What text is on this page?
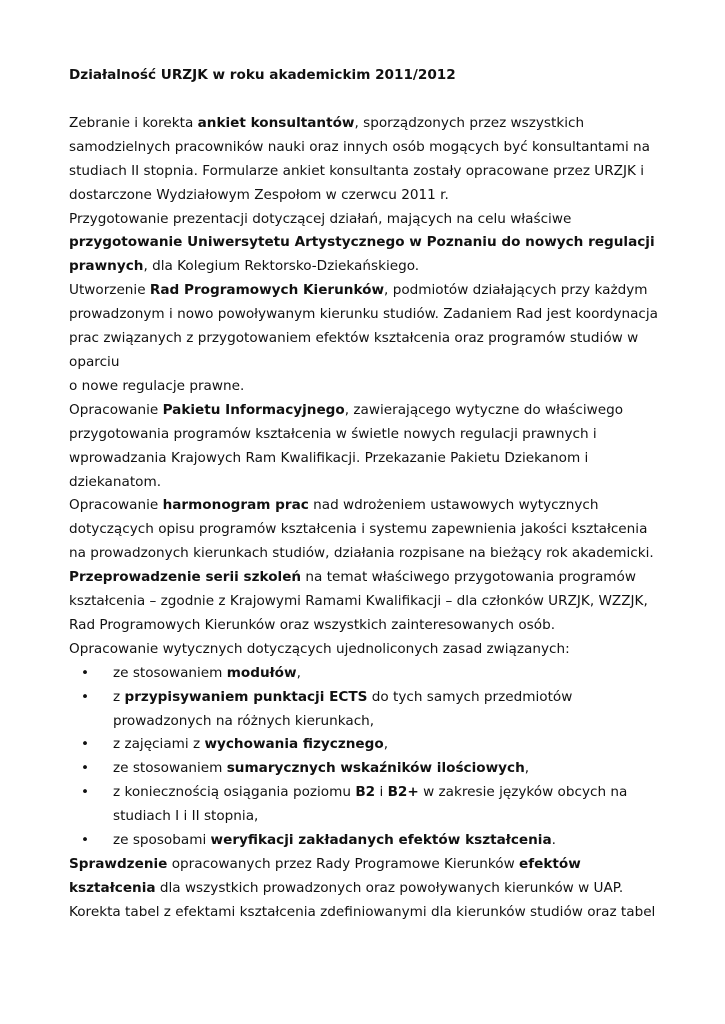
Działalność URZJK w roku akademickim 2011/2012

Zebranie i korekta ankiet konsultantów, sporządzonych przez wszystkich samodzielnych pracowników nauki oraz innych osób mogących być konsultantami na studiach II stopnia. Formularze ankiet konsultanta zostały opracowane przez URZJK i dostarczone Wydziałowym Zespołom w czerwcu 2011 r.

Przygotowanie prezentacji dotyczącej działań, mających na celu właściwe przygotowanie Uniwersytetu Artystycznego w Poznaniu do nowych regulacji prawnych, dla Kolegium Rektorsko-Dziekańskiego.

Utworzenie Rad Programowych Kierunków, podmiotów działających przy każdym prowadzonym i nowo powoływanym kierunku studiów. Zadaniem Rad jest koordynacja prac związanych z przygotowaniem efektów kształcenia oraz programów studiów w oparciu

o nowe regulacje prawne.

Opracowanie Pakietu Informacyjnego, zawierającego wytyczne do właściwego przygotowania programów kształcenia w świetle nowych regulacji prawnych i wprowadzania Krajowych Ram Kwalifikacji. Przekazanie Pakietu Dziekanom i dziekanatom.

Opracowanie harmonogram prac nad wdrożeniem ustawowych wytycznych dotyczących opisu programów kształcenia i systemu zapewnienia jakości kształcenia na prowadzonych kierunkach studiów, działania rozpisane na bieżący rok akademicki.

Przeprowadzenie serii szkoleń na temat właściwego przygotowania programów kształcenia – zgodnie z Krajowymi Ramami Kwalifikacji – dla członków URZJK, WZZJK, Rad Programowych Kierunków oraz wszystkich zainteresowanych osób.

Opracowanie wytycznych dotyczących ujednoliconych zasad związanych:

• ze stosowaniem modułów,
• z przypisywaniem punktacji ECTS do tych samych przedmiotów prowadzonych na różnych kierunkach,
• z zajęciami z wychowania fizycznego,
• ze stosowaniem sumarycznych wskaźników ilościowych,
• z koniecznością osiągania poziomu B2 i B2+ w zakresie języków obcych na studiach I i II stopnia,
• ze sposobami weryfikacji zakładanych efektów kształcenia.

Sprawdzenie opracowanych przez Rady Programowe Kierunków efektów kształcenia dla wszystkich prowadzonych oraz powoływanych kierunków w UAP.

Korekta tabel z efektami kształcenia zdefiniowanymi dla kierunków studiów oraz tabel
